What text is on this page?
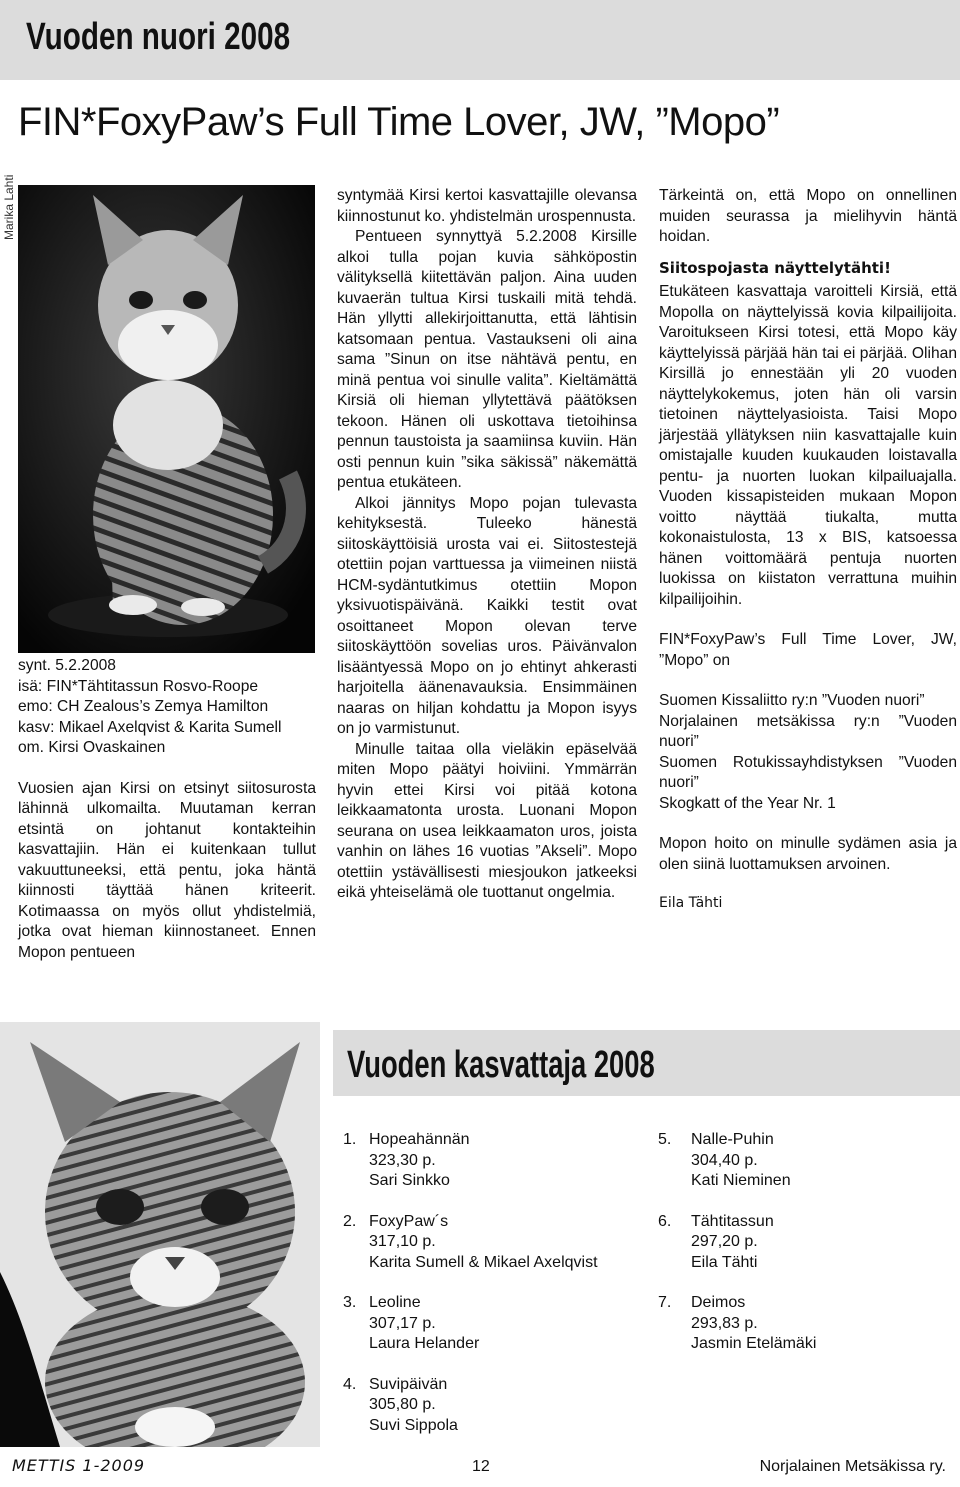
Vuoden nuori 2008
FIN*FoxyPaw’s Full Time Lover, JW, ”Mopo”
Marika Lahti

synt. 5.2.2008

isä: FIN*Tähtitassun Rosvo-Roope

emo: CH Zealous’s Zemya Hamilton

kasv: Mikael Axelqvist & Karita Sumell

om. Kirsi Ovaskainen

Vuosien ajan Kirsi on etsinyt siitosurosta lähinnä ulkomailta. Muutaman kerran etsintä on johtanut kontakteihin kasvattajiin. Hän ei kuitenkaan tullut vakuuttuneeksi, että pentu, joka häntä kiinnosti täyttää hänen kriteerit. Kotimaassa on myös ollut yhdistelmiä, jotka ovat hieman kiinnostaneet. Ennen Mopon pentueen

syntymää Kirsi kertoi kasvattajille olevansa kiinnostunut ko. yhdistelmän urospennusta.

Pentueen synnyttyä 5.2.2008 Kirsille alkoi tulla pojan kuvia sähköpostin välityksellä kiitettävän paljon. Aina uuden kuvaerän tultua Kirsi tuskaili mitä tehdä. Hän yllytti allekirjoittanutta, että lähtisin katsomaan pentua. Vastaukseni oli aina sama ”Sinun on itse nähtävä pentu, en minä pentua voi sinulle valita”. Kieltämättä Kirsiä oli hieman yllytettävä päätöksen tekoon. Hänen oli uskottava tietoihinsa pennun taustoista ja saamiinsa kuviin. Hän osti pennun kuin ”sika säkissä” näkemättä pentua etukäteen.

Alkoi jännitys Mopo pojan tulevasta kehityksestä. Tuleeko hänestä siitoskäyttöisiä urosta vai ei. Siitostestejä otettiin pojan varttuessa ja viimeinen niistä HCM-sydäntutkimus otettiin Mopon yksivuotispäivänä. Kaikki testit ovat osoittaneet Mopon olevan terve siitoskäyttöön sovelias uros. Päivänvalon lisääntyessä Mopo on jo ehtinyt ahkerasti harjoitella äänenavauksia. Ensimmäinen naaras on hiljan kohdattu ja Mopon isyys on jo varmistunut.

Minulle taitaa olla vieläkin epäselvää miten Mopo päätyi hoiviini. Ymmärrän hyvin ettei Kirsi voi pitää kotona leikkaamatonta urosta. Luonani Mopon seurana on usea leikkaamaton uros, joista vanhin on lähes 16 vuotias ”Akseli”. Mopo otettiin ystävällisesti miesjoukon jatkeeksi eikä yhteiselämä ole tuottanut ongelmia.

Tärkeintä on, että Mopo on onnellinen muiden seurassa ja mielihyvin häntä hoidan.

Siitospojasta näyttelytähti!

Etukäteen kasvattaja varoitteli Kirsiä, että Mopolla on näyttelyissä kovia kilpailijoita. Varoitukseen Kirsi totesi, että Mopo käy käyttelyissä pärjää hän tai ei pärjää. Olihan Kirsillä jo ennestään yli 20 vuoden näyttelykokemus, joten hän oli varsin tietoinen näyttelyasioista. Taisi Mopo järjestää yllätyksen niin kasvattajalle kuin omistajalle kuuden kuukauden loistavalla pentu- ja nuorten luokan kilpailuajalla. Vuoden kissapisteiden mukaan Mopon voitto näyttää tiukalta, mutta kokonaistulosta, 13 x BIS, katsoessa hänen voittomäärä pentuja nuorten luokissa on kiistaton verrattuna muihin kilpailijoihin.

FIN*FoxyPaw’s Full Time Lover, JW, ”Mopo” on

Suomen Kissaliitto ry:n ”Vuoden nuori”

Norjalainen metsäkissa ry:n ”Vuoden nuori”

Suomen Rotukissayhdistyksen ”Vuoden nuori”

Skogkatt of the Year Nr. 1

Mopon hoito on minulle sydämen asia ja olen siinä luottamuksen arvoinen.

Eila Tähti
Vuoden kasvattaja 2008
1. Hopeahännän
323,30 p.
Sari Sinkko
2. FoxyPaw´s
317,10 p.
Karita Sumell & Mikael Axelqvist
3. Leoline
307,17 p.
Laura Helander
4. Suvipäivän
305,80 p.
Suvi Sippola
5.	Nalle-Puhin
304,40 p.
Kati Nieminen
6.	Tähtitassun
297,20 p.
Eila Tähti
7.	Deimos
293,83 p.
Jasmin Etelämäki
METTIS 1-2009	12	Norjalainen Metsäkissa ry.
